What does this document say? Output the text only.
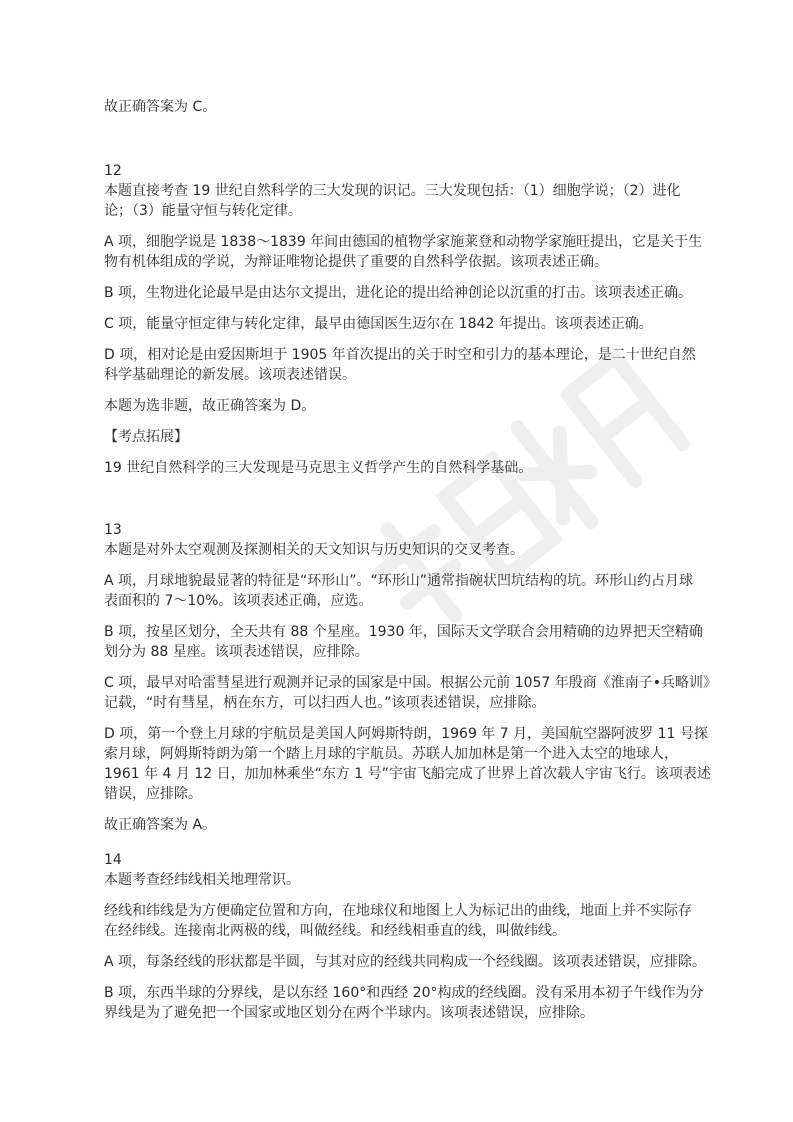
故正确答案为 C。
12
本题直接考查 19 世纪自然科学的三大发现的识记。三大发现包括：（1）细胞学说；（2）进化
论；（3）能量守恒与转化定律。
A 项，细胞学说是 1838～1839 年间由德国的植物学家施莱登和动物学家施旺提出，它是关于生
物有机体组成的学说，为辩证唯物论提供了重要的自然科学依据。该项表述正确。
B 项，生物进化论最早是由达尔文提出，进化论的提出给神创论以沉重的打击。该项表述正确。
C 项，能量守恒定律与转化定律，最早由德国医生迈尔在 1842 年提出。该项表述正确。
D 项，相对论是由爱因斯坦于 1905 年首次提出的关于时空和引力的基本理论，是二十世纪自然
科学基础理论的新发展。该项表述错误。
本题为选非题，故正确答案为 D。
【考点拓展】
19 世纪自然科学的三大发现是马克思主义哲学产生的自然科学基础。
13
本题是对外太空观测及探测相关的天文知识与历史知识的交叉考查。
A 项，月球地貌最显著的特征是“环形山”。“环形山”通常指碗状凹坑结构的坑。环形山约占月球
表面积的 7～10%。该项表述正确，应选。
B 项，按星区划分，全天共有 88 个星座。1930 年，国际天文学联合会用精确的边界把天空精确
划分为 88 星座。该项表述错误，应排除。
C 项，最早对哈雷彗星进行观测并记录的国家是中国。根据公元前 1057 年殷商《淮南子•兵略训》
记载，“时有彗星，柄在东方，可以扫西人也。”该项表述错误，应排除。
D 项，第一个登上月球的宇航员是美国人阿姆斯特朗，1969 年 7 月，美国航空器阿波罗 11 号探
索月球，阿姆斯特朗为第一个踏上月球的宇航员。苏联人加加林是第一个进入太空的地球人，
1961 年 4 月 12 日，加加林乘坐“东方 1 号”宇宙飞船完成了世界上首次载人宇宙飞行。该项表述
错误，应排除。
故正确答案为 A。
14
本题考查经纬线相关地理常识。
经线和纬线是为方便确定位置和方向，在地球仪和地图上人为标记出的曲线，地面上并不实际存
在经纬线。连接南北两极的线，叫做经线。和经线相垂直的线，叫做纬线。
A 项，每条经线的形状都是半圆，与其对应的经线共同构成一个经线圈。该项表述错误，应排除。
B 项，东西半球的分界线，是以东经 160°和西经 20°构成的经线圈。没有采用本初子午线作为分
界线是为了避免把一个国家或地区划分在两个半球内。该项表述错误，应排除。
